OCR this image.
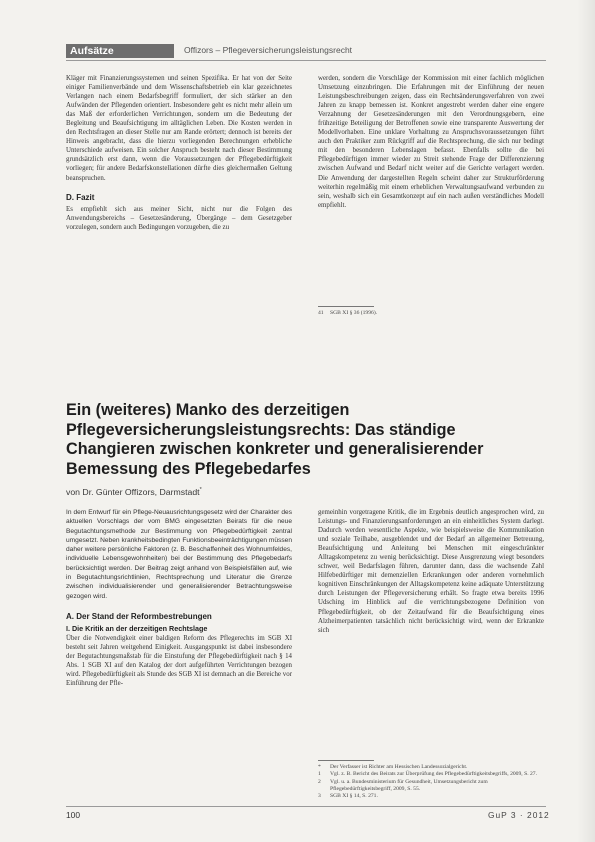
Aufsätze	Offizors – Pflegeversicherungsleistungsrecht

Kläger mit Finanzierungssystemen und seinen Spezifika. Er hat von der Seite einiger Familienverbände und dem Wissenschaftsbetrieb ein klar gezeichnetes Verlangen nach einem Bedarfsbegriff formuliert, der sich stärker an den Aufwänden der Pflegenden orientiert. Insbesondere geht es nicht mehr allein um das Maß der erforderlichen Verrichtungen, sondern um die Bedeutung der Begleitung und Beaufsichtigung im alltäglichen Leben. Die Kosten werden in den Rechtsfragen an dieser Stelle nur am Rande erörtert; dennoch ist bereits der Hinweis angebracht, dass die hierzu vorliegenden Berechnungen erhebliche Unterschiede aufweisen. Ein solcher Anspruch besteht nach dieser Bestimmung grundsätzlich erst dann, wenn die Voraussetzungen der Pflegebedürftigkeit vorliegen; für andere Bedarfskonstellationen dürfte dies gleichermaßen Geltung beanspruchen.

D. Fazit

Es empfiehlt sich aus meiner Sicht, nicht nur die Folgen des Anwendungsbereichs – Gesetzesänderung, Übergänge – dem Gesetzgeber vorzulegen, sondern auch Bedingungen vorzugeben, die zu

werden, sondern die Vorschläge der Kommission mit einer fachlich möglichen Umsetzung einzubringen. Die Erfahrungen mit der Einführung der neuen Leistungsbeschreibungen zeigen, dass ein Rechtsänderungsverfahren von zwei Jahren zu knapp bemessen ist. Konkret angestrebt werden daher eine engere Verzahnung der Gesetzesänderungen mit den Verordnungsgebern, eine frühzeitige Beteiligung der Betroffenen sowie eine transparente Auswertung der Modellvorhaben. Eine unklare Vorhaltung zu Anspruchsvoraussetzungen führt auch den Praktiker zum Rückgriff auf die Rechtsprechung, die sich nur bedingt mit den besonderen Lebenslagen befasst. Ebenfalls sollte die bei Pflegebedürftigen immer wieder zu Streit stehende Frage der Differenzierung zwischen Aufwand und Bedarf nicht weiter auf die Gerichte verlagert werden. Die Anwendung der dargestellten Regeln scheint daher zur Strukturförderung weiterhin regelmäßig mit einem erheblichen Verwaltungsaufwand verbunden zu sein, weshalb sich ein Gesamtkonzept auf ein nach außen verständliches Modell empfiehlt.

41	SGB XI § 36 (1996).
Ein (weiteres) Manko des derzeitigen Pflegeversicherungsleistungsrechts: Das ständige Changieren zwischen konkreter und generalisierender Bemessung des Pflegebedarfes
von Dr. Günter Offizors, Darmstadt*

In dem Entwurf für ein Pflege-Neuausrichtungsgesetz wird der Charakter des aktuellen Vorschlags der vom BMG eingesetzten Beirats für die neue Begutachtungsmethode zur Bestimmung von Pflegebedürftigkeit zentral umgesetzt. Neben krankheitsbedingten Funktionsbeeinträchtigungen müssen daher weitere persönliche Faktoren (z. B. Beschaffenheit des Wohnumfeldes, individuelle Lebensgewohnheiten) bei der Bestimmung des Pflegebedarfs berücksichtigt werden. Der Beitrag zeigt anhand von Beispielsfällen auf, wie in Begutachtungsrichtlinien, Rechtsprechung und Literatur die Grenze zwischen individualisierender und generalisierender Betrachtungsweise gezogen wird.

A. Der Stand der Reformbestrebungen
I. Die Kritik an der derzeitigen Rechtslage

Über die Notwendigkeit einer baldigen Reform des Pflegerechts im SGB XI besteht seit Jahren weitgehend Einigkeit. Ausgangspunkt ist dabei insbesondere der Begutachtungsmaßstab für die Einstufung der Pflegebedürftigkeit nach § 14 Abs. 1 SGB XI auf den Katalog der dort aufgeführten Verrichtungen bezogen wird. Pflegebedürftigkeit als Stunde des SGB XI ist demnach an die Bereiche vor Einführung der Pfle-

gemeinhin vorgetragene Kritik, die im Ergebnis deutlich angesprochen wird, zu Leistungs- und Finanzierungsanforderungen an ein einheitliches System darlegt. Dadurch werden wesentliche Aspekte, wie beispielsweise die Kommunikation und soziale Teilhabe, ausgeblendet und der Bedarf an allgemeiner Betreuung, Beaufsichtigung und Anleitung bei Menschen mit eingeschränkter Alltagskompetenz zu wenig berücksichtigt. Diese Ausgrenzung wiegt besonders schwer, weil Bedarfslagen führen, darunter dann, dass die wachsende Zahl Hilfebedürftiger mit demenziellen Erkrankungen oder anderen vornehmlich kognitiven Einschränkungen der Alltagskompetenz keine adäquate Unterstützung durch Leistungen der Pflegeversicherung erhält. So fragte etwa bereits 1996 Udsching im Hinblick auf die verrichtungsbezogene Definition von Pflegebedürftigkeit, ob der Zeitaufwand für die Beaufsichtigung eines Alzheimerpatienten tatsächlich nicht berücksichtigt wird, wenn der Erkrankte sich

*	Der Verfasser ist Richter am Hessischen Landessozialgericht.
1	Vgl. z. B. Bericht des Beirats zur Überprüfung des Pflegebedürftigkeitsbegriffs, 2009, S. 27.
2	Vgl. u. a. Bundesministerium für Gesundheit, Umsetzungsbericht zum Pflegebedürftigkeitsbegriff, 2009, S. 55.
3	SGB XI § 14, S. 271.
100	GuP 3 · 2012
